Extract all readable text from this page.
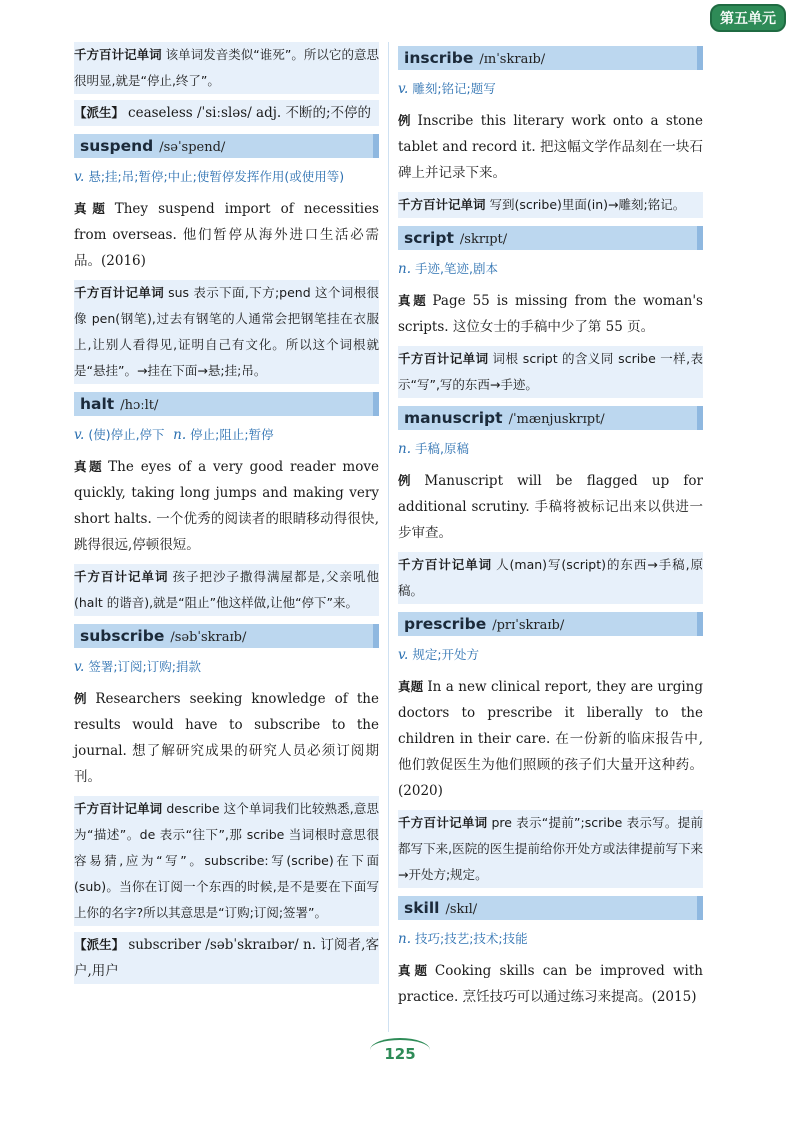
第五单元

千方百计记单词 该单词发音类似“谁死”。所以它的意思很明显,就是“停止,终了”。

【派生】 ceaseless /ˈsiːsləs/ adj. 不断的;不停的

suspend /səˈspend/

v. 悬;挂;吊;暂停;中止;使暂停发挥作用(或使用等)

真题 They suspend import of necessities from overseas. 他们暂停从海外进口生活必需品。(2016)

千方百计记单词 sus 表示下面,下方;pend 这个词根很像 pen(钢笔),过去有钢笔的人通常会把钢笔挂在衣服上,让别人看得见,证明自己有文化。所以这个词根就是“悬挂”。→挂在下面→悬;挂;吊。

halt /hɔːlt/

v. (使)停止,停下 n. 停止;阻止;暂停

真题 The eyes of a very good reader move quickly, taking long jumps and making very short halts. 一个优秀的阅读者的眼睛移动得很快,跳得很远,停顿很短。

千方百计记单词 孩子把沙子撒得满屋都是,父亲吼他(halt 的谐音),就是“阻止”他这样做,让他“停下”来。

subscribe /səbˈskraɪb/

v. 签署;订阅;订购;捐款

例 Researchers seeking knowledge of the results would have to subscribe to the journal. 想了解研究成果的研究人员必须订阅期刊。

千方百计记单词 describe 这个单词我们比较熟悉,意思为“描述”。de 表示“往下”,那 scribe 当词根时意思很容易猜,应为“写”。subscribe:写(scribe)在下面(sub)。当你在订阅一个东西的时候,是不是要在下面写上你的名字?所以其意思是“订购;订阅;签署”。

【派生】 subscriber /səbˈskraɪbər/ n. 订阅者,客户,用户

inscribe /ɪnˈskraɪb/

v. 雕刻;铭记;题写

例 Inscribe this literary work onto a stone tablet and record it. 把这幅文学作品刻在一块石碑上并记录下来。

千方百计记单词 写到(scribe)里面(in)→雕刻;铭记。

script /skrɪpt/

n. 手迹,笔迹,剧本

真题 Page 55 is missing from the woman's scripts. 这位女士的手稿中少了第 55 页。

千方百计记单词 词根 script 的含义同 scribe 一样,表示“写”,写的东西→手迹。

manuscript /ˈmænjuskrɪpt/

n. 手稿,原稿

例 Manuscript will be flagged up for additional scrutiny. 手稿将被标记出来以供进一步审查。

千方百计记单词 人(man)写(script)的东西→手稿,原稿。

prescribe /prɪˈskraɪb/

v. 规定;开处方

真题 In a new clinical report, they are urging doctors to prescribe it liberally to the children in their care. 在一份新的临床报告中,他们敦促医生为他们照顾的孩子们大量开这种药。(2020)

千方百计记单词 pre 表示“提前”;scribe 表示写。提前都写下来,医院的医生提前给你开处方或法律提前写下来→开处方;规定。

skill /skɪl/

n. 技巧;技艺;技术;技能

真题 Cooking skills can be improved with practice. 烹饪技巧可以通过练习来提高。(2015)

125
